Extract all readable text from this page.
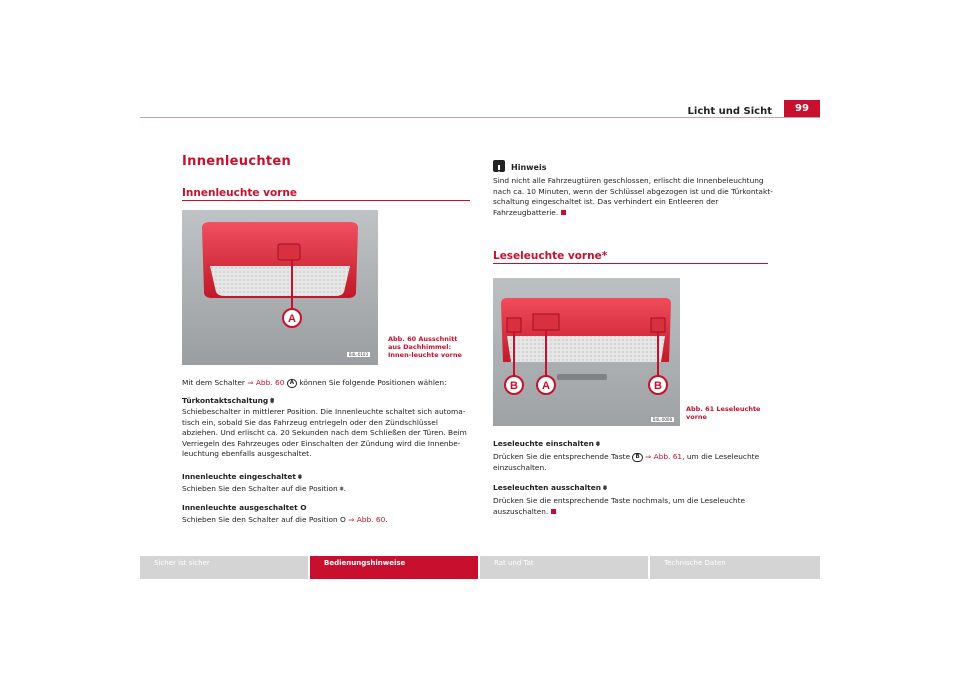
Licht und Sicht	99
Innenleuchten
Innenleuchte vorne
A
B4L-0103
Abb. 60 Ausschnitt aus Dachhimmel: Innen-leuchte vorne
Mit dem Schalter ⇒ Abb. 60 A können Sie folgende Positionen wählen:
Türkontaktschaltung ⩩
Schiebeschalter in mittlerer Position. Die Innenleuchte schaltet sich automa-tisch ein, sobald Sie das Fahrzeug entriegeln oder den Zündschlüssel abziehen. Und erlischt ca. 20 Sekunden nach dem Schließen der Türen. Beim Verriegeln des Fahrzeuges oder Einschalten der Zündung wird die Innenbe-leuchtung ebenfalls ausgeschaltet.
Innenleuchte eingeschaltet ⩨
Schieben Sie den Schalter auf die Position ⩨.
Innenleuchte ausgeschaltet O
Schieben Sie den Schalter auf die Position O ⇒ Abb. 60.
Hinweis
Sind nicht alle Fahrzeugtüren geschlossen, erlischt die Innenbeleuchtung nach ca. 10 Minuten, wenn der Schlüssel abgezogen ist und die Türkontakt-schaltung eingeschaltet ist. Das verhindert ein Entleeren der Fahrzeugbatterie.
Leseleuchte vorne*
B A	B
B4L-0008
Abb. 61 Leseleuchte vorne
Leseleuchte einschalten ⩨
Drücken Sie die entsprechende Taste B ⇒ Abb. 61, um die Leseleuchte einzuschalten.
Leseleuchten ausschalten ⩨
Drücken Sie die entsprechende Taste nochmals, um die Leseleuchte auszuschalten.
Sicher ist sicher	Bedienungshinweise	Rat und Tat	Technische Daten
